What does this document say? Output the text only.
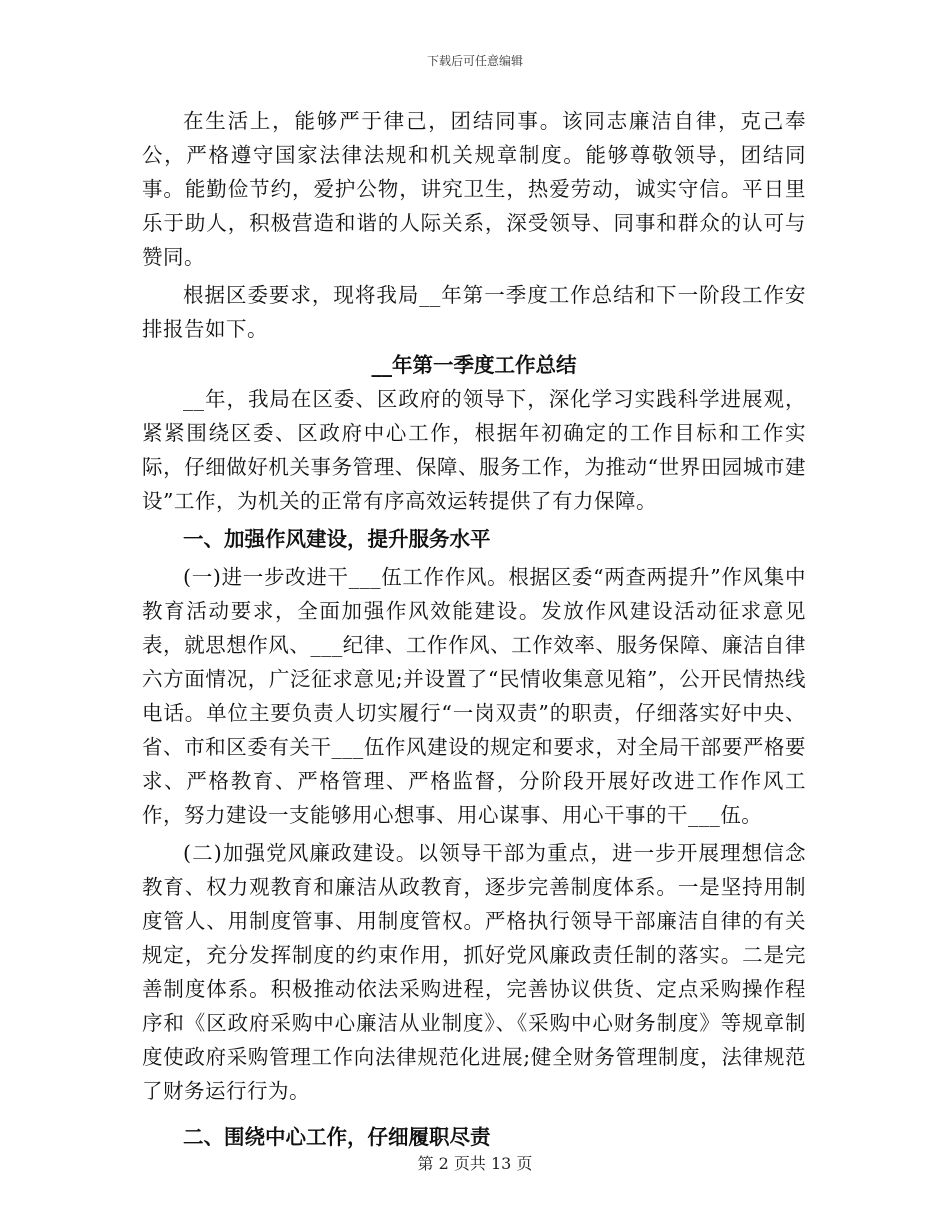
下载后可任意编辑

在生活上，能够严于律己，团结同事。该同志廉洁自律，克己奉公，严格遵守国家法律法规和机关规章制度。能够尊敬领导，团结同事。能勤俭节约，爱护公物，讲究卫生，热爱劳动，诚实守信。平日里乐于助人，积极营造和谐的人际关系，深受领导、同事和群众的认可与赞同。

根据区委要求，现将我局__年第一季度工作总结和下一阶段工作安排报告如下。

__年第一季度工作总结

__年，我局在区委、区政府的领导下，深化学习实践科学进展观，紧紧围绕区委、区政府中心工作，根据年初确定的工作目标和工作实际，仔细做好机关事务管理、保障、服务工作，为推动“世界田园城市建设”工作，为机关的正常有序高效运转提供了有力保障。

一、加强作风建设，提升服务水平

(一)进一步改进干___伍工作作风。根据区委“两查两提升”作风集中教育活动要求，全面加强作风效能建设。发放作风建设活动征求意见表，就思想作风、___纪律、工作作风、工作效率、服务保障、廉洁自律六方面情况，广泛征求意见;并设置了“民情收集意见箱”，公开民情热线电话。单位主要负责人切实履行“一岗双责”的职责，仔细落实好中央、省、市和区委有关干___伍作风建设的规定和要求，对全局干部要严格要求、严格教育、严格管理、严格监督，分阶段开展好改进工作作风工作，努力建设一支能够用心想事、用心谋事、用心干事的干___伍。

(二)加强党风廉政建设。以领导干部为重点，进一步开展理想信念教育、权力观教育和廉洁从政教育，逐步完善制度体系。一是坚持用制度管人、用制度管事、用制度管权。严格执行领导干部廉洁自律的有关规定，充分发挥制度的约束作用，抓好党风廉政责任制的落实。二是完善制度体系。积极推动依法采购进程，完善协议供货、定点采购操作程序和《区政府采购中心廉洁从业制度》、《采购中心财务制度》等规章制度使政府采购管理工作向法律规范化进展;健全财务管理制度，法律规范了财务运行行为。

二、围绕中心工作，仔细履职尽责

第 2 页共 13 页
